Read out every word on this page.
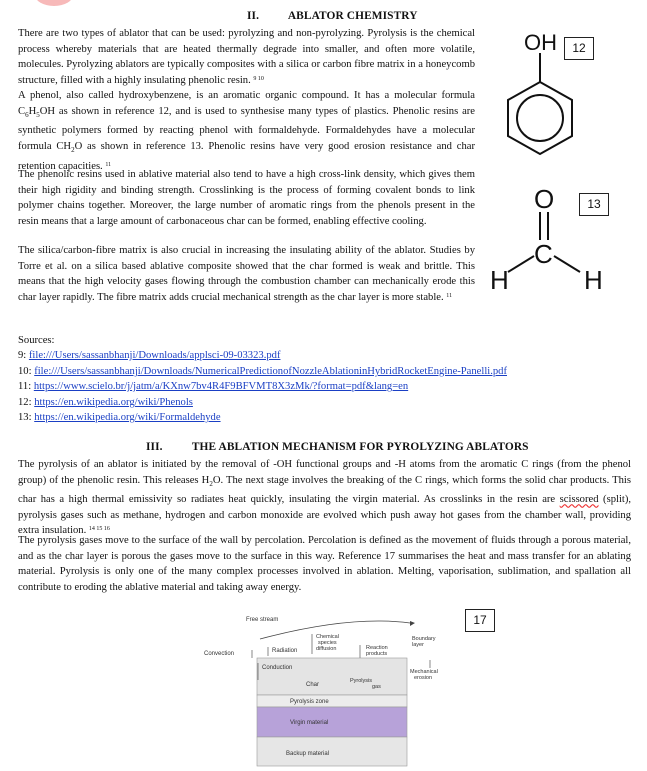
II.          ABLATOR CHEMISTRY

There are two types of ablator that can be used: pyrolyzing and non-pyrolyzing. Pyrolysis is the chemical process whereby materials that are heated thermally degrade into smaller, and often more volatile, molecules. Pyrolyzing ablators are typically composites with a silica or carbon fibre matrix in a honeycomb structure, filled with a highly insulating phenolic resin. $^{9 10}$

A phenol, also called hydroxybenzene, is an aromatic organic compound. It has a molecular formula $C_6H_5OH$ as shown in reference 12, and is used to synthesise many types of plastics. Phenolic resins are synthetic polymers formed by reacting phenol with formaldehyde. Formaldehydes have a molecular formula $CH_2O$ as shown in reference 13. Phenolic resins have very good erosion resistance and char retention capacities. $^{11}$

The phenolic resins used in ablative material also tend to have a high cross-link density, which gives them their high rigidity and binding strength. Crosslinking is the process of forming covalent bonds to link polymer chains together. Moreover, the large number of aromatic rings from the phenols present in the resin means that a large amount of carbonaceous char can be formed, enabling effective cooling.

The silica/carbon-fibre matrix is also crucial in increasing the insulating ability of the ablator. Studies by Torre et al. on a silica based ablative composite showed that the char formed is weak and brittle. This means that the high velocity gases flowing through the combustion chamber can mechanically erode this char layer rapidly. The fibre matrix adds crucial mechanical strength as the char layer is more stable. $^{11}$

OH	12
O
C
H	H
13
Sources:
9: file:///Users/sassanbhanji/Downloads/applsci-09-03323.pdf
10: file:///Users/sassanbhanji/Downloads/NumericalPredictionofNozzleAblationinHybridRocketEngine-Panelli.pdf
11: https://www.scielo.br/j/jatm/a/KXnw7bv4R4F9BFVMT8X3zMk/?format=pdf&lang=en
12: https://en.wikipedia.org/wiki/Phenols
13: https://en.wikipedia.org/wiki/Formaldehyde
III.          THE ABLATION MECHANISM FOR PYROLYZING ABLATORS

The pyrolysis of an ablator is initiated by the removal of -OH functional groups and -H atoms from the aromatic C rings (from the phenol group) of the phenolic resin. This releases $H_2O$. The next stage involves the breaking of the C rings, which forms the solid char products. This char has a high thermal emissivity so radiates heat quickly, insulating the virgin material. As crosslinks in the resin are scissored (split), pyrolysis gases such as methane, hydrogen and carbon monoxide are evolved which push away hot gases from the chamber wall, providing extra insulation. $^{14 15 16}$

The pyrolysis gases move to the surface of the wall by percolation. Percolation is defined as the movement of fluids through a porous material, and as the char layer is porous the gases move to the surface in this way. Reference 17 summarises the heat and mass transfer for an ablating material. Pyrolysis is only one of the many complex processes involved in ablation. Melting, vaporisation, sublimation, and spallation all contribute to eroding the ablative material and taking away energy.

Free stream
Chemical
species
diffusion
Radiation	Reaction
products
Boundary
layer
Convection
Conduction
Char
Pyrolysis
gas
Mechanical
erosion
Pyrolysis zone
Virgin material
Backup material
17
